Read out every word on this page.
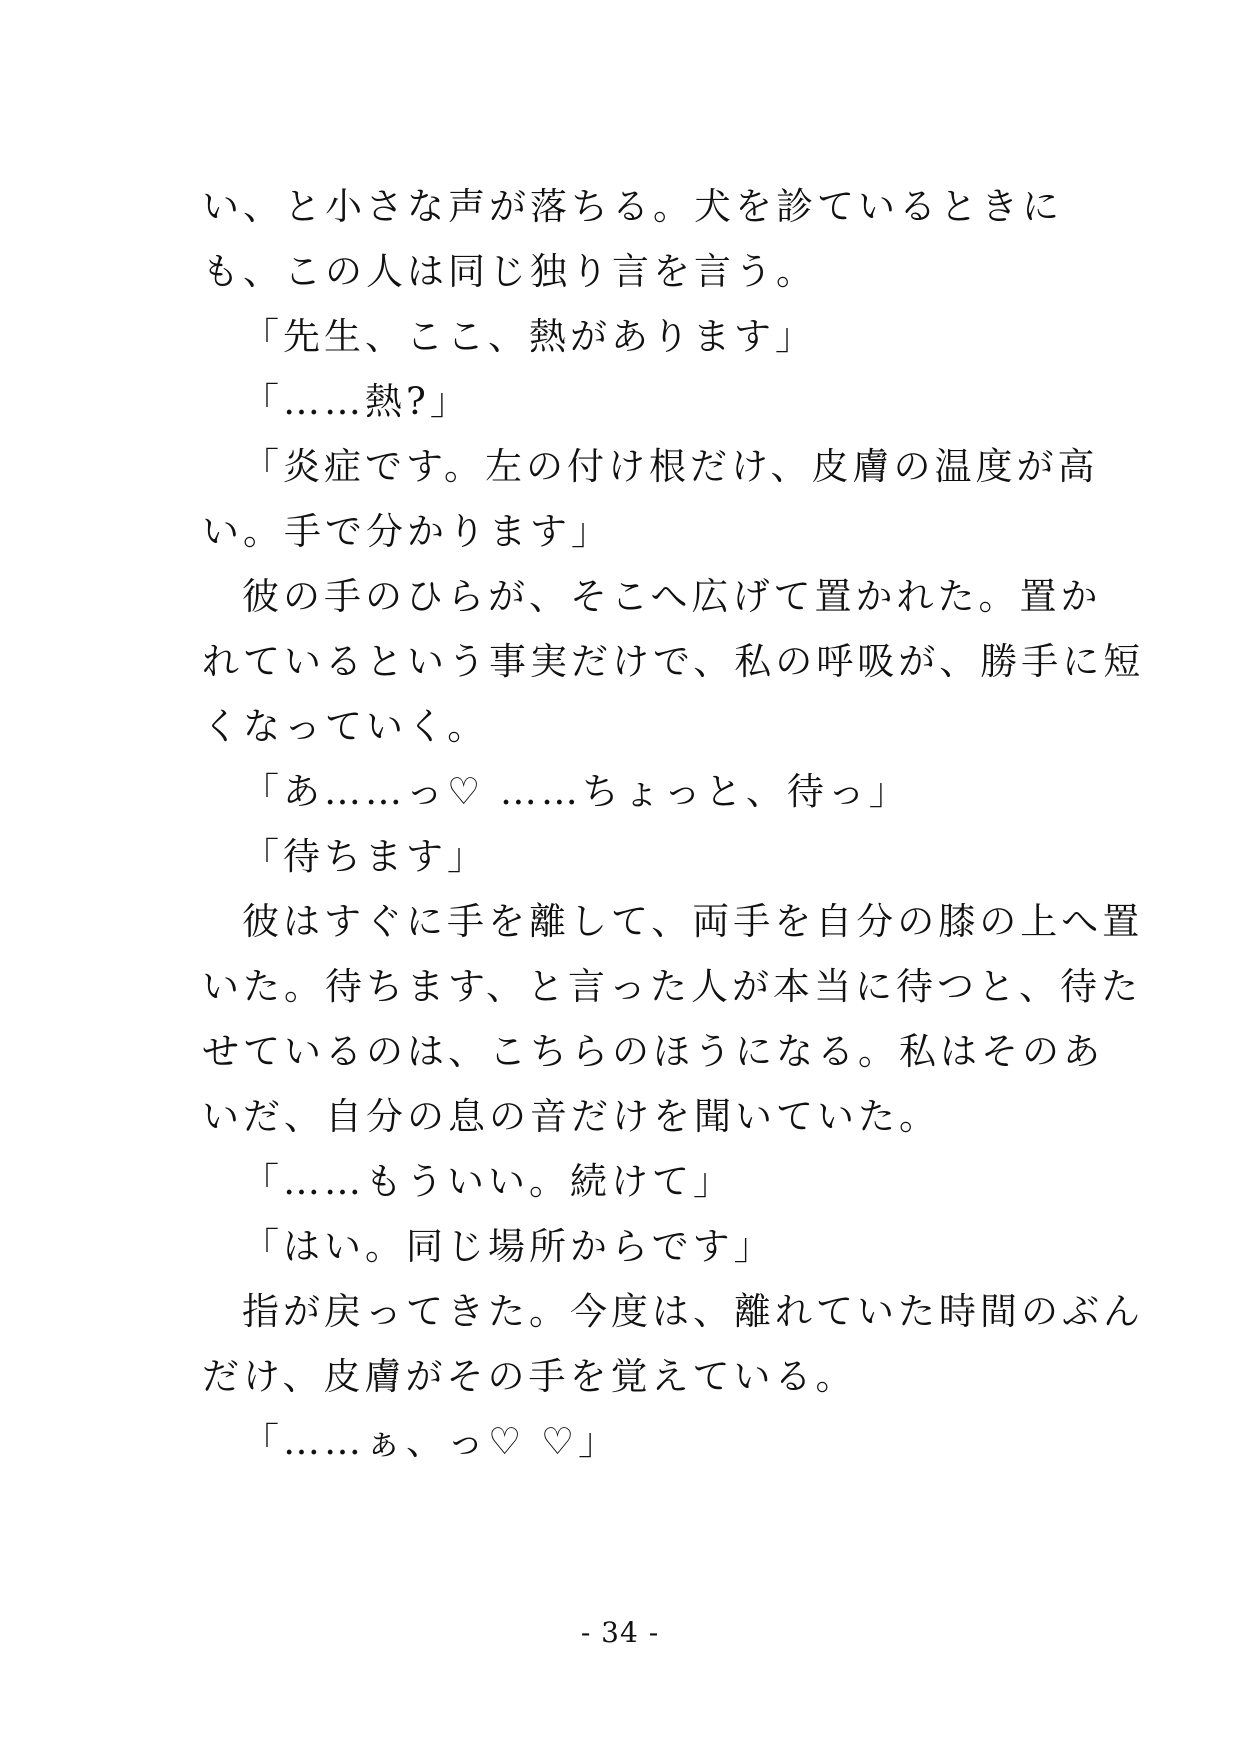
い、と小さな声が落ちる。犬を診ているときに
も、この人は同じ独り言を言う。

「先生、ここ、熱があります」

「……熱?」

「炎症です。左の付け根だけ、皮膚の温度が高

い。手で分かります」

彼の手のひらが、そこへ広げて置かれた。置か

れているという事実だけで、私の呼吸が、勝手に短
くなっていく。

「あ……っ♡ ……ちょっと、待っ」

「待ちます」

彼はすぐに手を離して、両手を自分の膝の上へ置

いた。待ちます、と言った人が本当に待つと、待た
せているのは、こちらのほうになる。私はそのあ
いだ、自分の息の音だけを聞いていた。

「……もういい。続けて」

「はい。同じ場所からです」

指が戻ってきた。今度は、離れていた時間のぶん

だけ、皮膚がその手を覚えている。

「……ぁ、っ♡ ♡」

- 34 -
